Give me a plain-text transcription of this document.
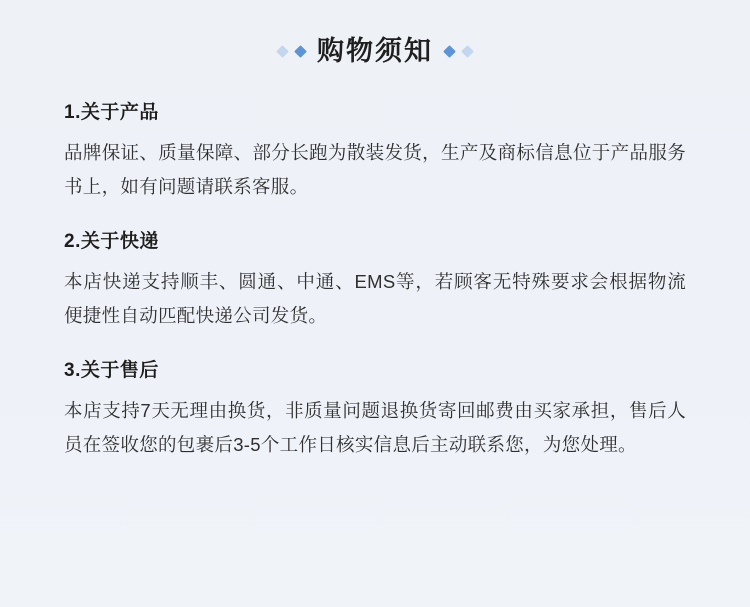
购物须知
1.关于产品
品牌保证、质量保障、部分长跑为散装发货，生产及商标信息位于产品服务书上，如有问题请联系客服。
2.关于快递
本店快递支持顺丰、圆通、中通、EMS等，若顾客无特殊要求会根据物流便捷性自动匹配快递公司发货。
3.关于售后
本店支持7天无理由换货，非质量问题退换货寄回邮费由买家承担，售后人员在签收您的包裹后3-5个工作日核实信息后主动联系您，为您处理。
